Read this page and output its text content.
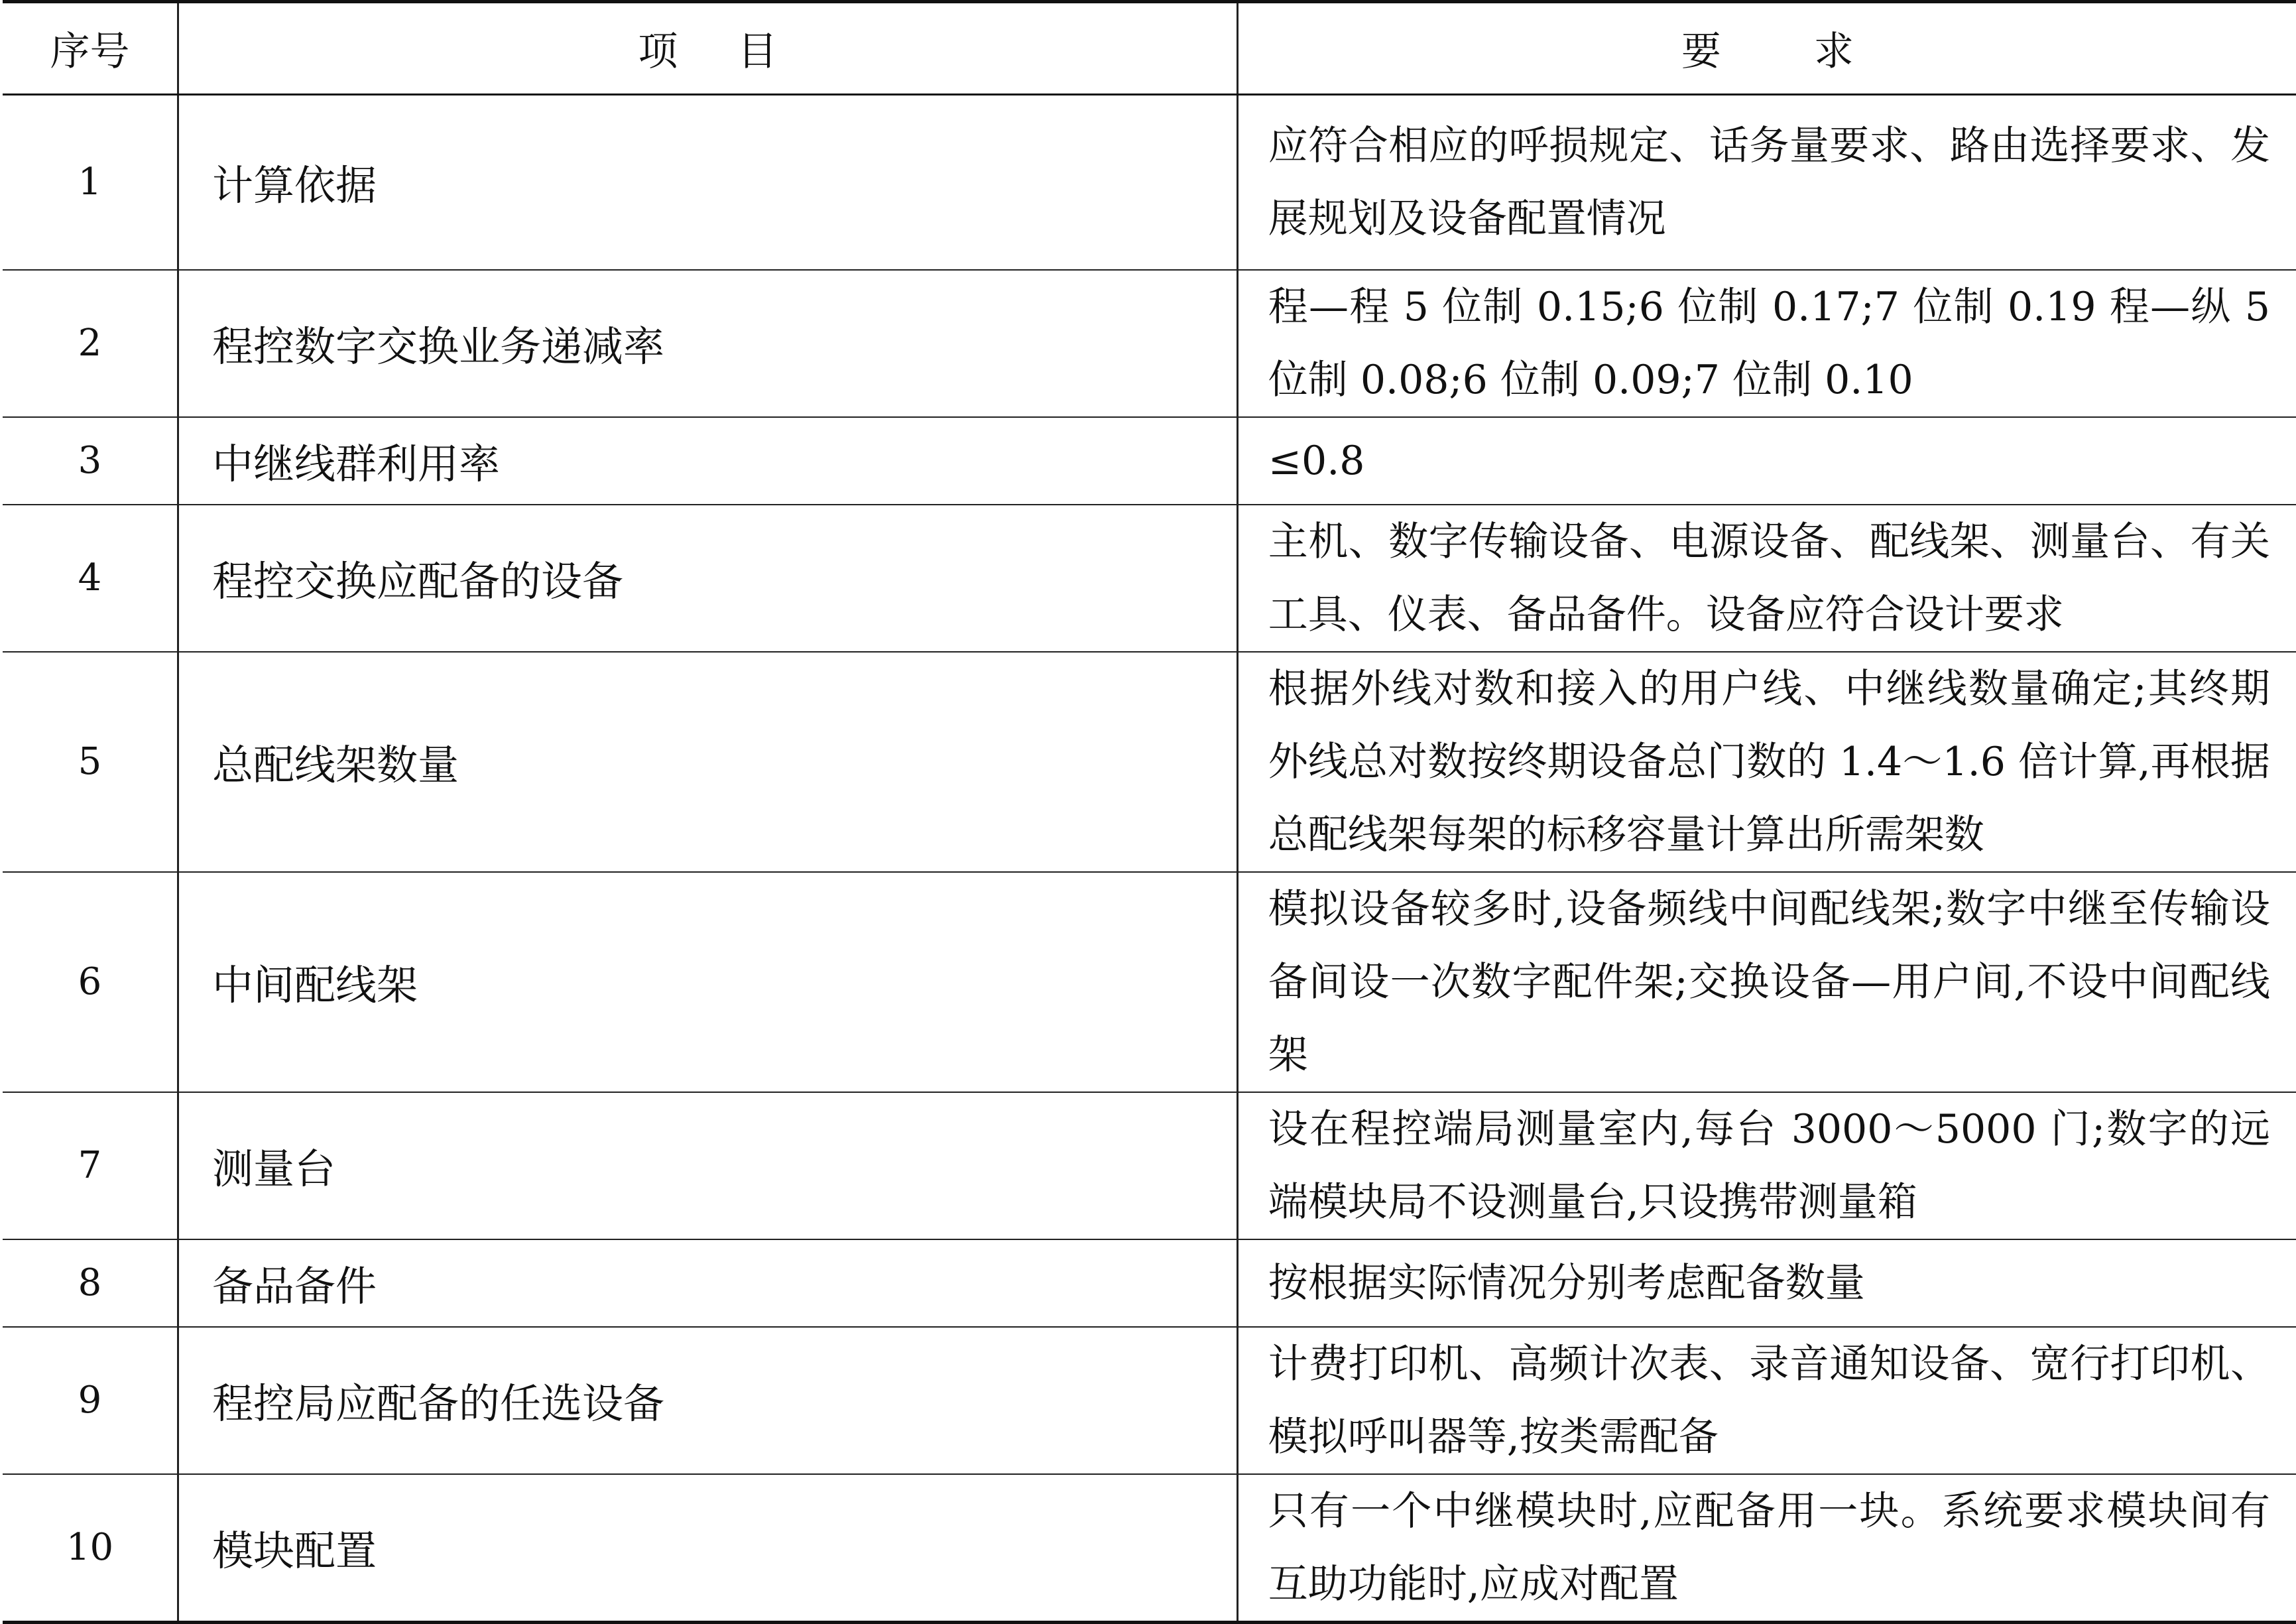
序号	项 目	要 求
1	计算依据	应符合相应的呼损规定、话务量要求、路由选择要求、发展规划及设备配置情况
2	程控数字交换业务递减率	程—程 5 位制 0.15;6 位制 0.17;7 位制 0.19 程—纵 5 位制 0.08;6 位制 0.09;7 位制 0.10
3	中继线群利用率	≤0.8
4	程控交换应配备的设备	主机、数字传输设备、电源设备、配线架、测量台、有关工具、仪表、备品备件。设备应符合设计要求
5	总配线架数量	根据外线对数和接入的用户线、中继线数量确定;其终期外线总对数按终期设备总门数的 1.4～1.6 倍计算,再根据总配线架每架的标移容量计算出所需架数
6	中间配线架	模拟设备较多时,设备频线中间配线架;数字中继至传输设备间设一次数字配件架;交换设备—用户间,不设中间配线架
7	测量台	设在程控端局测量室内,每台 3000～5000 门;数字的远端模块局不设测量台,只设携带测量箱
8	备品备件	按根据实际情况分别考虑配备数量
9	程控局应配备的任选设备	计费打印机、高频计次表、录音通知设备、宽行打印机、模拟呼叫器等,按类需配备
10	模块配置	只有一个中继模块时,应配备用一块。系统要求模块间有互助功能时,应成对配置
